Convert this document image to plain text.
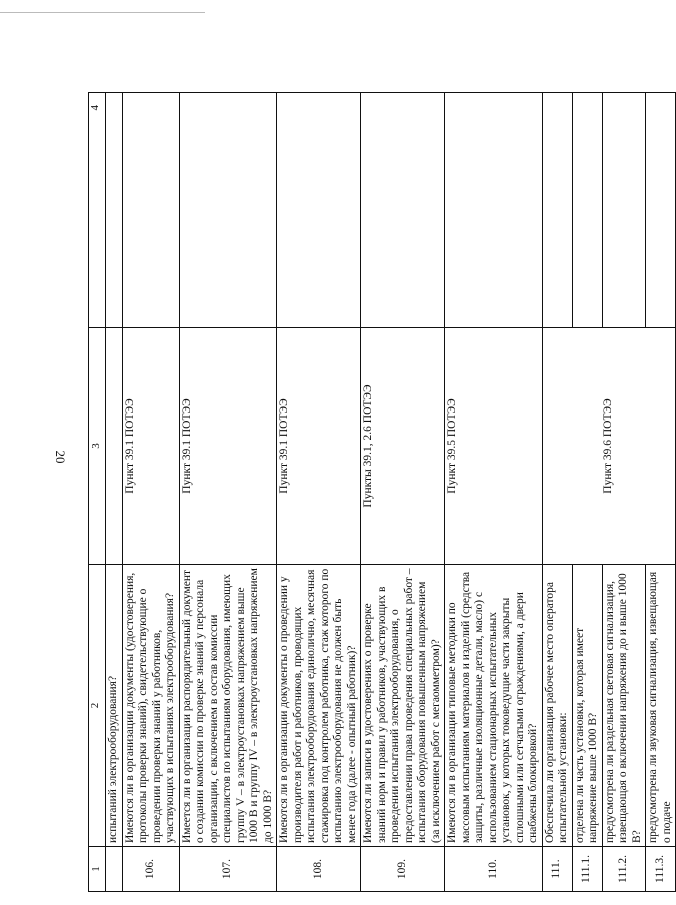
20
1	2	3	4
	испытаний электрооборудования?		
106.	Имеются ли в организации документы (удостоверения, протоколы проверки знаний), свидетельствующие о проведении проверки знаний у работников, участвующих в испытаниях электрооборудования?	Пункт 39.1 ПОТЭЭ	
107.	Имеется ли в организации распорядительный документ о создании комиссии по проверке знаний у персонала организации, с включением в состав комиссии специалистов по испытаниям оборудования, имеющих группу V – в электроустановках напряжением выше 1000 В и группу IV – в электроустановках напряжением до 1000 В?	Пункт 39.1 ПОТЭЭ	
108.	Имеются ли в организации документы о проведении у производителя работ и работников, проводящих испытания электрооборудования единолично, месячная стажировка под контролем работника, стаж которого по испытанию электрооборудования не должен быть менее года (далее - опытный работник)?	Пункт 39.1 ПОТЭЭ	
109.	Имеются ли записи в удостоверениях о проверке знаний норм и правил у работников, участвующих в проведении испытаний электрооборудования, о предоставлении права проведения специальных работ – испытания оборудования повышенным напряжением (за исключением работ с мегаомметром)?	Пункты 39.1, 2.6 ПОТЭЭ	
110.	Имеются ли в организации типовые методики по массовым испытаниям материалов и изделий (средства защиты, различные изоляционные детали, масло) с использованием стационарных испытательных установок, у которых токоведущие части закрыты сплошными или сетчатыми ограждениями, а двери снабжены блокировкой?	Пункт 39.5 ПОТЭЭ	
111.	Обеспечила ли организация рабочее место оператора испытательной установки:	Пункт 39.6 ПОТЭЭ	
111.1.	отделена ли часть установки, которая имеет напряжение выше 1000 В?		
111.2.	предусмотрена ли раздельная световая сигнализация, извещающая о включении напряжения до и выше 1000 В?		
111.3.	предусмотрена ли звуковая сигнализация, извещающая о подаче		
